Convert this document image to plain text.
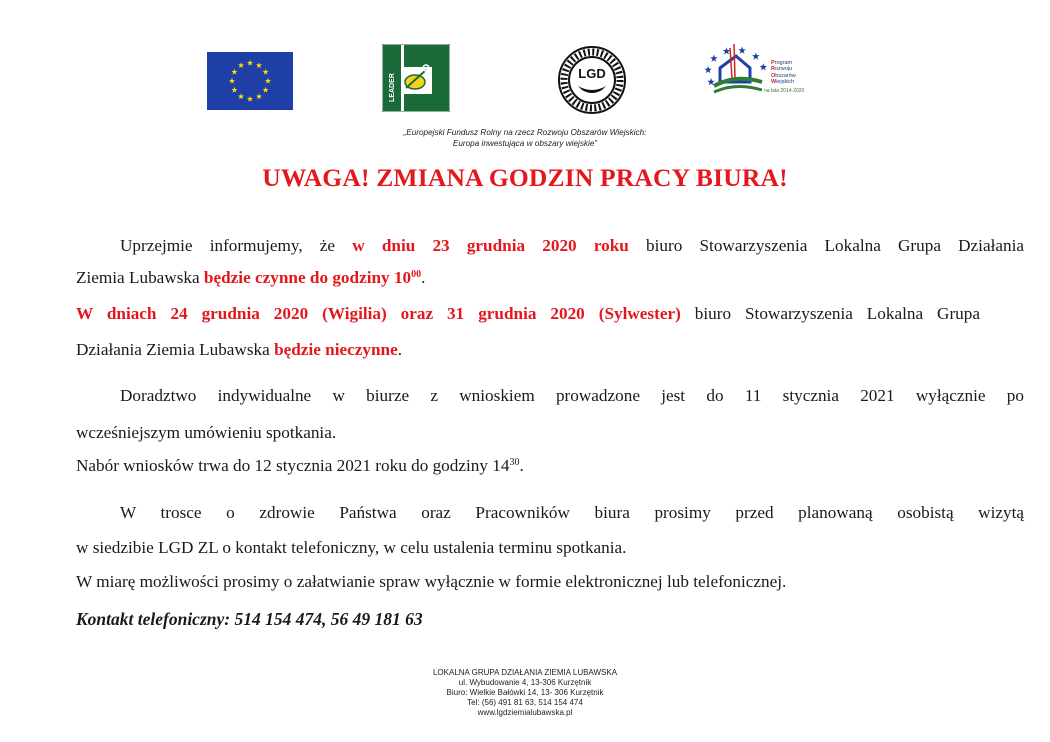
LEADER	LGD
Program
Rozwoju
Obszarów
Wiejskich
na lata 2014-2020
„Europejski Fundusz Rolny na rzecz Rozwoju Obszarów Wiejskich:
Europa inwestująca w obszary wiejskie”
UWAGA! ZMIANA GODZIN PRACY BIURA!
Uprzejmie informujemy, że w dniu 23 grudnia 2020 roku biuro Stowarzyszenia Lokalna Grupa Działania
Ziemia Lubawska będzie czynne do godziny $10^{00}$.
W dniach 24 grudnia 2020 (Wigilia) oraz 31 grudnia 2020 (Sylwester) biuro Stowarzyszenia Lokalna Grupa
Działania Ziemia Lubawska będzie nieczynne.
Doradztwo indywidualne w biurze z wnioskiem prowadzone jest do 11 stycznia 2021 wyłącznie po
wcześniejszym umówieniu spotkania.
Nabór wniosków trwa do 12 stycznia 2021 roku do godziny $14^{30}$.
W trosce o zdrowie Państwa oraz Pracowników biura prosimy przed planowaną osobistą wizytą
w siedzibie LGD ZL o kontakt telefoniczny, w celu ustalenia terminu spotkania.
W miarę możliwości prosimy o załatwianie spraw wyłącznie w formie elektronicznej lub telefonicznej.
Kontakt telefoniczny: 514 154 474, 56 49 181 63
LOKALNA GRUPA DZIAŁANIA ZIEMIA LUBAWSKA
ul. Wybudowanie 4, 13-306 Kurzętnik
Biuro: Wielkie Bałówki 14, 13- 306 Kurzętnik
Tel: (56) 491 81 63, 514 154 474
www.lgdziemialubawska.pl
